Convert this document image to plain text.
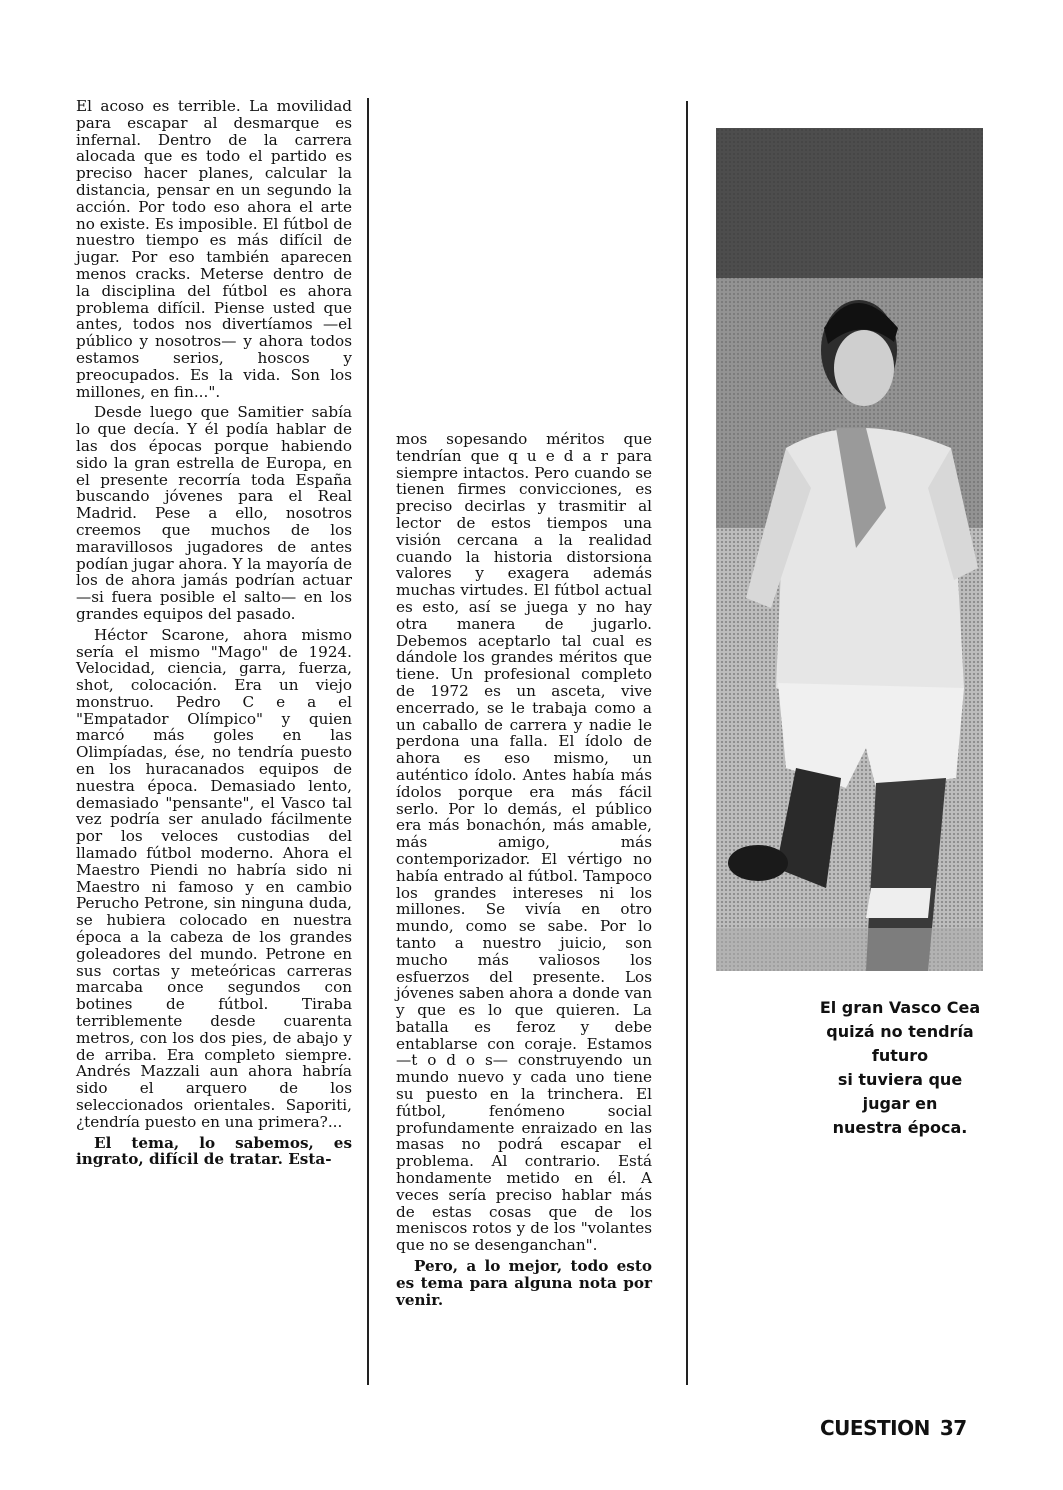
El acoso es terrible. La movilidad para escapar al desmarque es infernal. Dentro de la carrera alocada que es todo el partido es preciso hacer planes, calcular la distancia, pensar en un segundo la acción. Por todo eso ahora el arte no existe. Es imposible. El fútbol de nuestro tiempo es más difícil de jugar. Por eso también aparecen menos cracks. Meterse dentro de la disciplina del fútbol es ahora problema difícil. Piense usted que antes, todos nos divertíamos —el público y nosotros— y ahora todos estamos serios, hoscos y preocupados. Es la vida. Son los millones, en fin...".

Desde luego que Samitier sabía lo que decía. Y él podía hablar de las dos épocas porque habiendo sido la gran estrella de Europa, en el presente recorría toda España buscando jóvenes para el Real Madrid. Pese a ello, nosotros creemos que muchos de los maravillosos jugadores de antes podían jugar ahora. Y la mayoría de los de ahora jamás podrían actuar —si fuera posible el salto— en los grandes equipos del pasado.

Héctor Scarone, ahora mismo sería el mismo "Mago" de 1924. Velocidad, ciencia, garra, fuerza, shot, colocación. Era un viejo monstruo. Pedro C e a el "Empatador Olímpico" y quien marcó más goles en las Olimpíadas, ése, no tendría puesto en los huracanados equipos de nuestra época. Demasiado lento, demasiado "pensante", el Vasco tal vez podría ser anulado fácilmente por los veloces custodias del llamado fútbol moderno. Ahora el Maestro Piendi no habría sido ni Maestro ni famoso y en cambio Perucho Petrone, sin ninguna duda, se hubiera colocado en nuestra época a la cabeza de los grandes goleadores del mundo. Petrone en sus cortas y meteóricas carreras marcaba once segundos con botines de fútbol. Tiraba terriblemente desde cuarenta metros, con los dos pies, de abajo y de arriba. Era completo siempre. Andrés Mazzali aun ahora habría sido el arquero de los seleccionados orientales. Saporiti, ¿tendría puesto en una primera?...

El tema, lo sabemos, es ingrato, difícil de tratar. Esta-

mos sopesando méritos que tendrían que q u e d a r para siempre intactos. Pero cuando se tienen firmes convicciones, es preciso decirlas y trasmitir al lector de estos tiempos una visión cercana a la realidad cuando la historia distorsiona valores y exagera además muchas virtudes. El fútbol actual es esto, así se juega y no hay otra manera de jugarlo. Debemos aceptarlo tal cual es dándole los grandes méritos que tiene. Un profesional completo de 1972 es un asceta, vive encerrado, se le trabaja como a un caballo de carrera y nadie le perdona una falla. El ídolo de ahora es eso mismo, un auténtico ídolo. Antes había más ídolos porque era más fácil serlo. Por lo demás, el público era más bonachón, más amable, más amigo, más contemporizador. El vértigo no había entrado al fútbol. Tampoco los grandes intereses ni los millones. Se vivía en otro mundo, como se sabe. Por lo tanto a nuestro juicio, son mucho más valiosos los esfuerzos del presente. Los jóvenes saben ahora a donde van y que es lo que quieren. La batalla es feroz y debe entablarse con coraje. Estamos —t o d o s— construyendo un mundo nuevo y cada uno tiene su puesto en la trinchera. El fútbol, fenómeno social profundamente enraizado en las masas no podrá escapar el problema. Al contrario. Está hondamente metido en él. A veces sería preciso hablar más de estas cosas que de los meniscos rotos y de los "volantes que no se desenganchan".

Pero, a lo mejor, todo esto es tema para alguna nota por venir.

El gran Vasco Cea
quizá no tendría
futuro
si tuviera que
jugar en
nuestra época.
CUESTION 37
